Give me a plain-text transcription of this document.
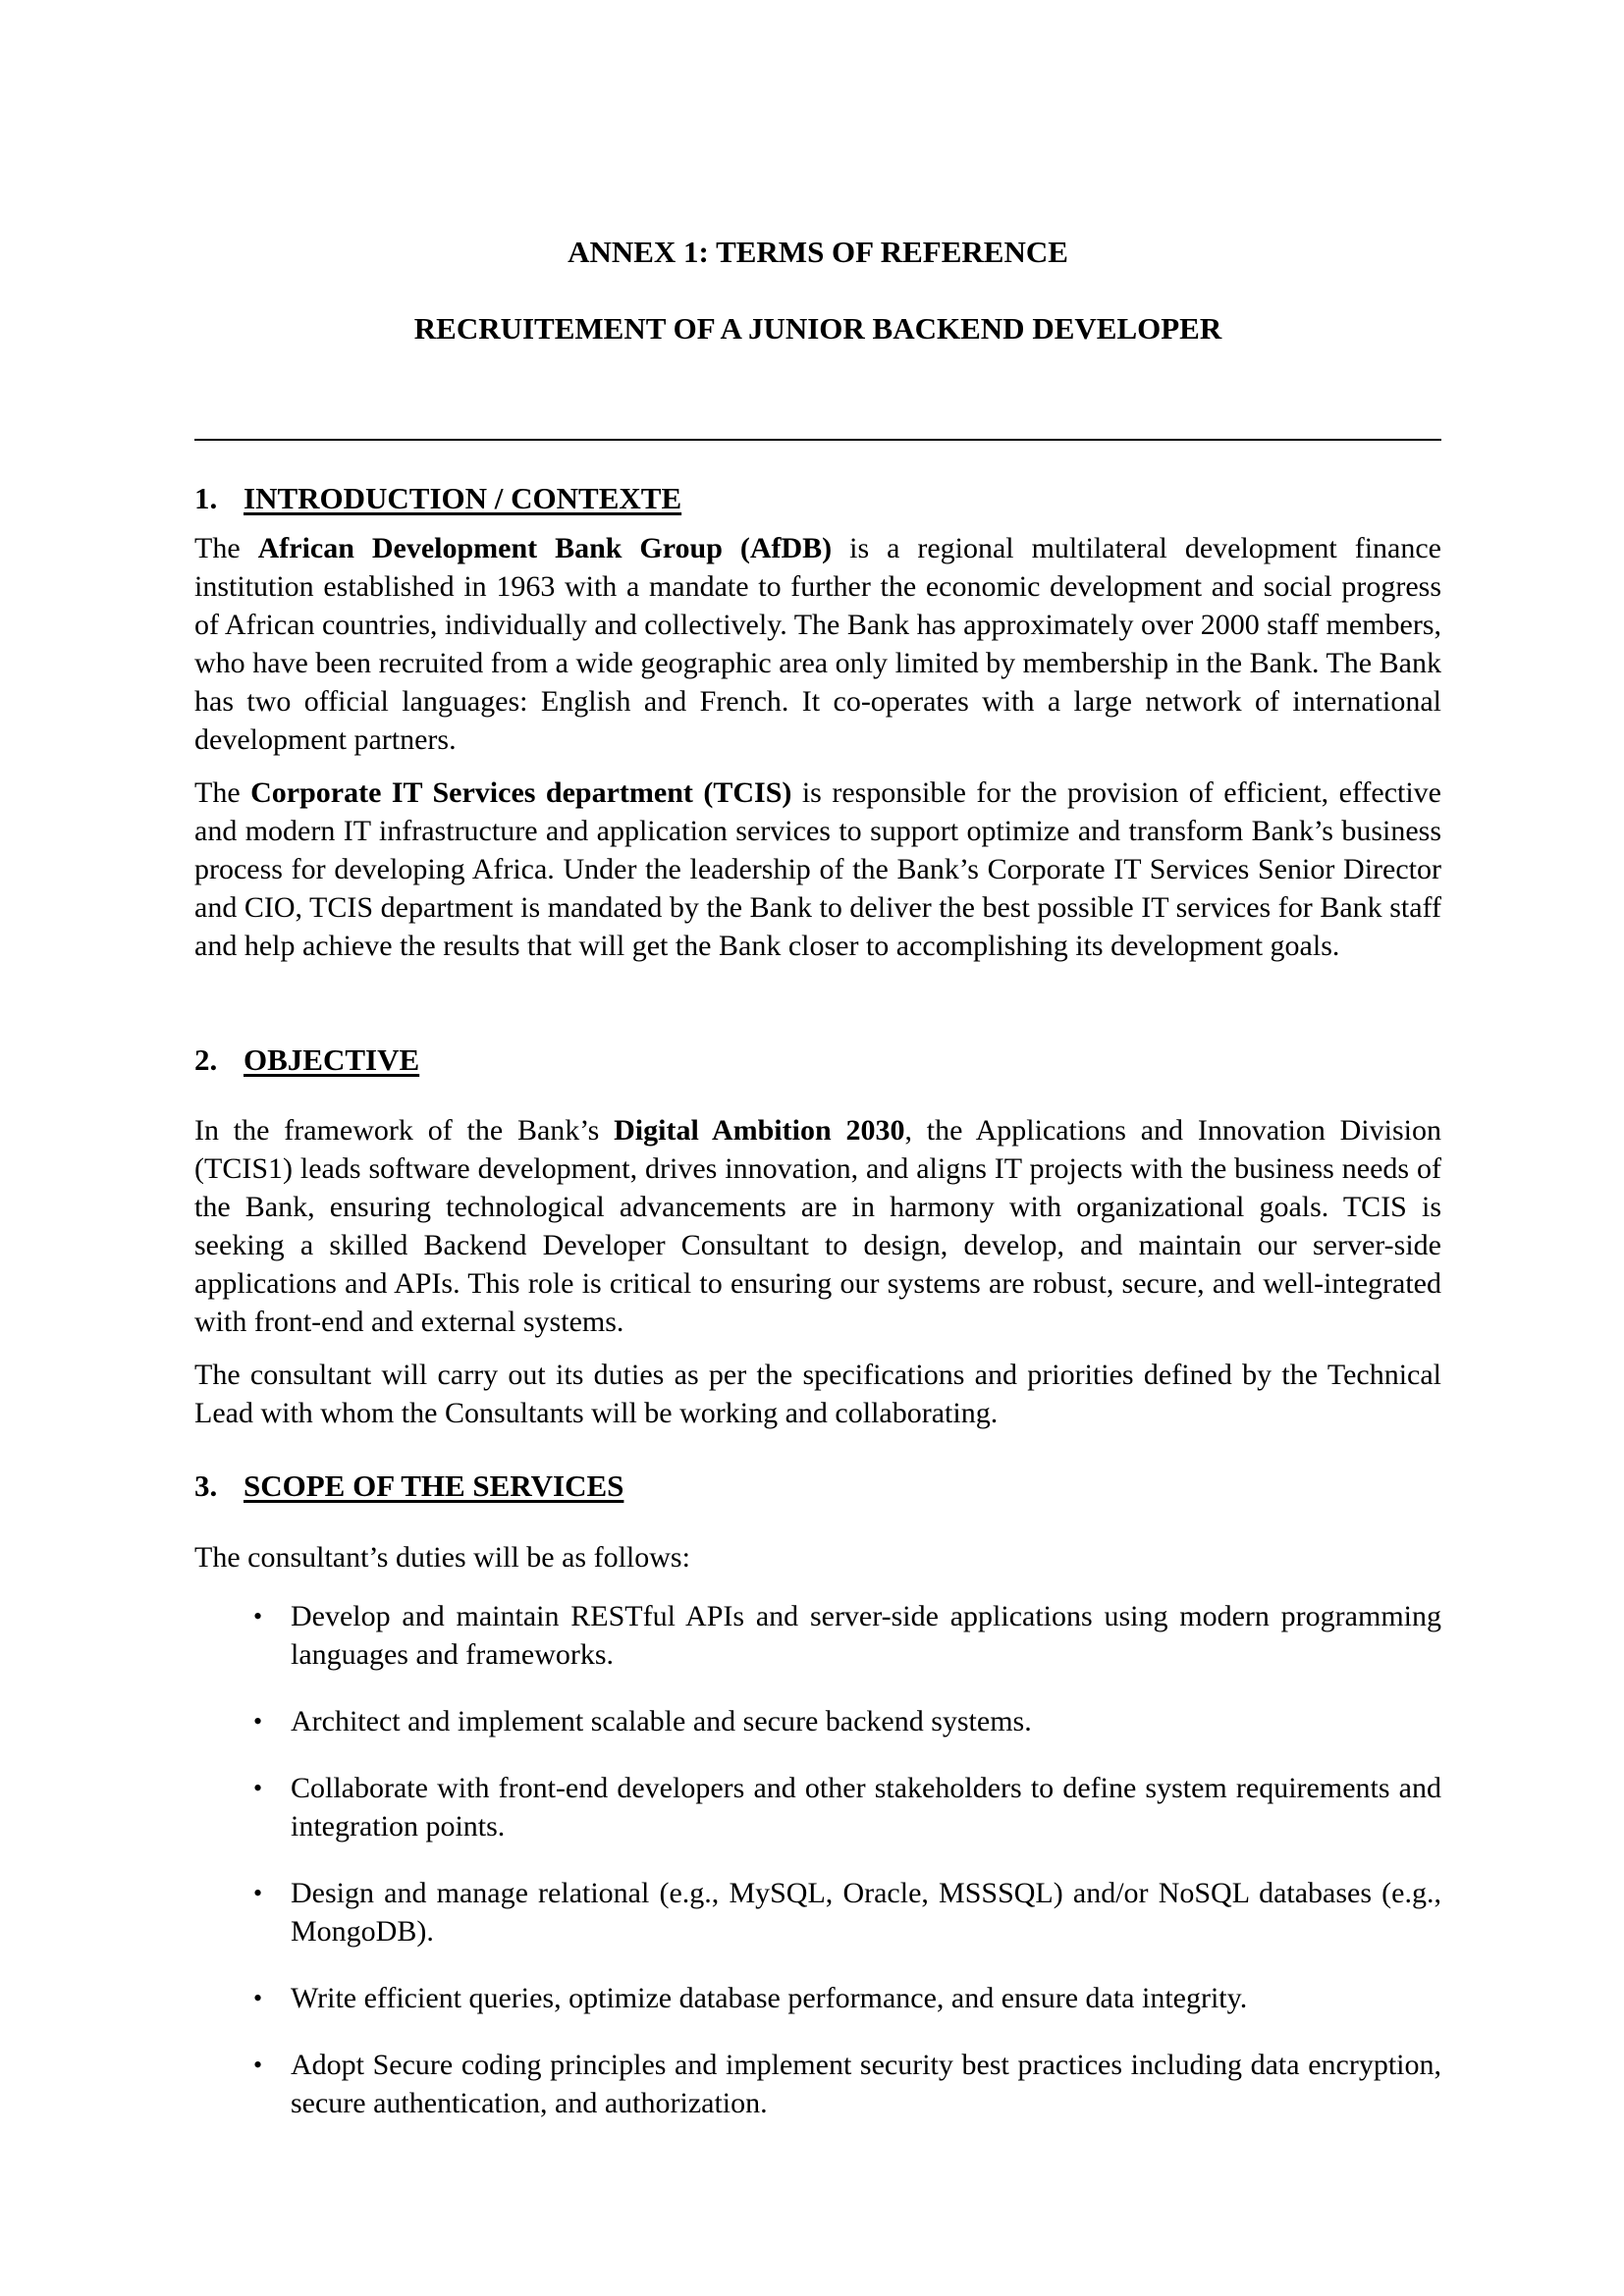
ANNEX 1: TERMS OF REFERENCE
RECRUITEMENT OF A JUNIOR BACKEND DEVELOPER
1. INTRODUCTION / CONTEXTE

The African Development Bank Group (AfDB) is a regional multilateral development finance institution established in 1963 with a mandate to further the economic development and social progress of African countries, individually and collectively. The Bank has approximately over 2000 staff members, who have been recruited from a wide geographic area only limited by membership in the Bank. The Bank has two official languages: English and French. It co-operates with a large network of international development partners.

The Corporate IT Services department (TCIS) is responsible for the provision of efficient, effective and modern IT infrastructure and application services to support optimize and transform Bank’s business process for developing Africa. Under the leadership of the Bank’s Corporate IT Services Senior Director and CIO, TCIS department is mandated by the Bank to deliver the best possible IT services for Bank staff and help achieve the results that will get the Bank closer to accomplishing its development goals.

2. OBJECTIVE

In the framework of the Bank’s Digital Ambition 2030, the Applications and Innovation Division (TCIS1) leads software development, drives innovation, and aligns IT projects with the business needs of the Bank, ensuring technological advancements are in harmony with organizational goals. TCIS is seeking a skilled Backend Developer Consultant to design, develop, and maintain our server-side applications and APIs. This role is critical to ensuring our systems are robust, secure, and well-integrated with front-end and external systems.

The consultant will carry out its duties as per the specifications and priorities defined by the Technical Lead with whom the Consultants will be working and collaborating.

3. SCOPE OF THE SERVICES

The consultant’s duties will be as follows:

• Develop and maintain RESTful APIs and server-side applications using modern programming languages and frameworks.
• Architect and implement scalable and secure backend systems.
• Collaborate with front-end developers and other stakeholders to define system requirements and integration points.
• Design and manage relational (e.g., MySQL, Oracle, MSSSQL) and/or NoSQL databases (e.g., MongoDB).
• Write efficient queries, optimize database performance, and ensure data integrity.
• Adopt Secure coding principles and implement security best practices including data encryption, secure authentication, and authorization.
